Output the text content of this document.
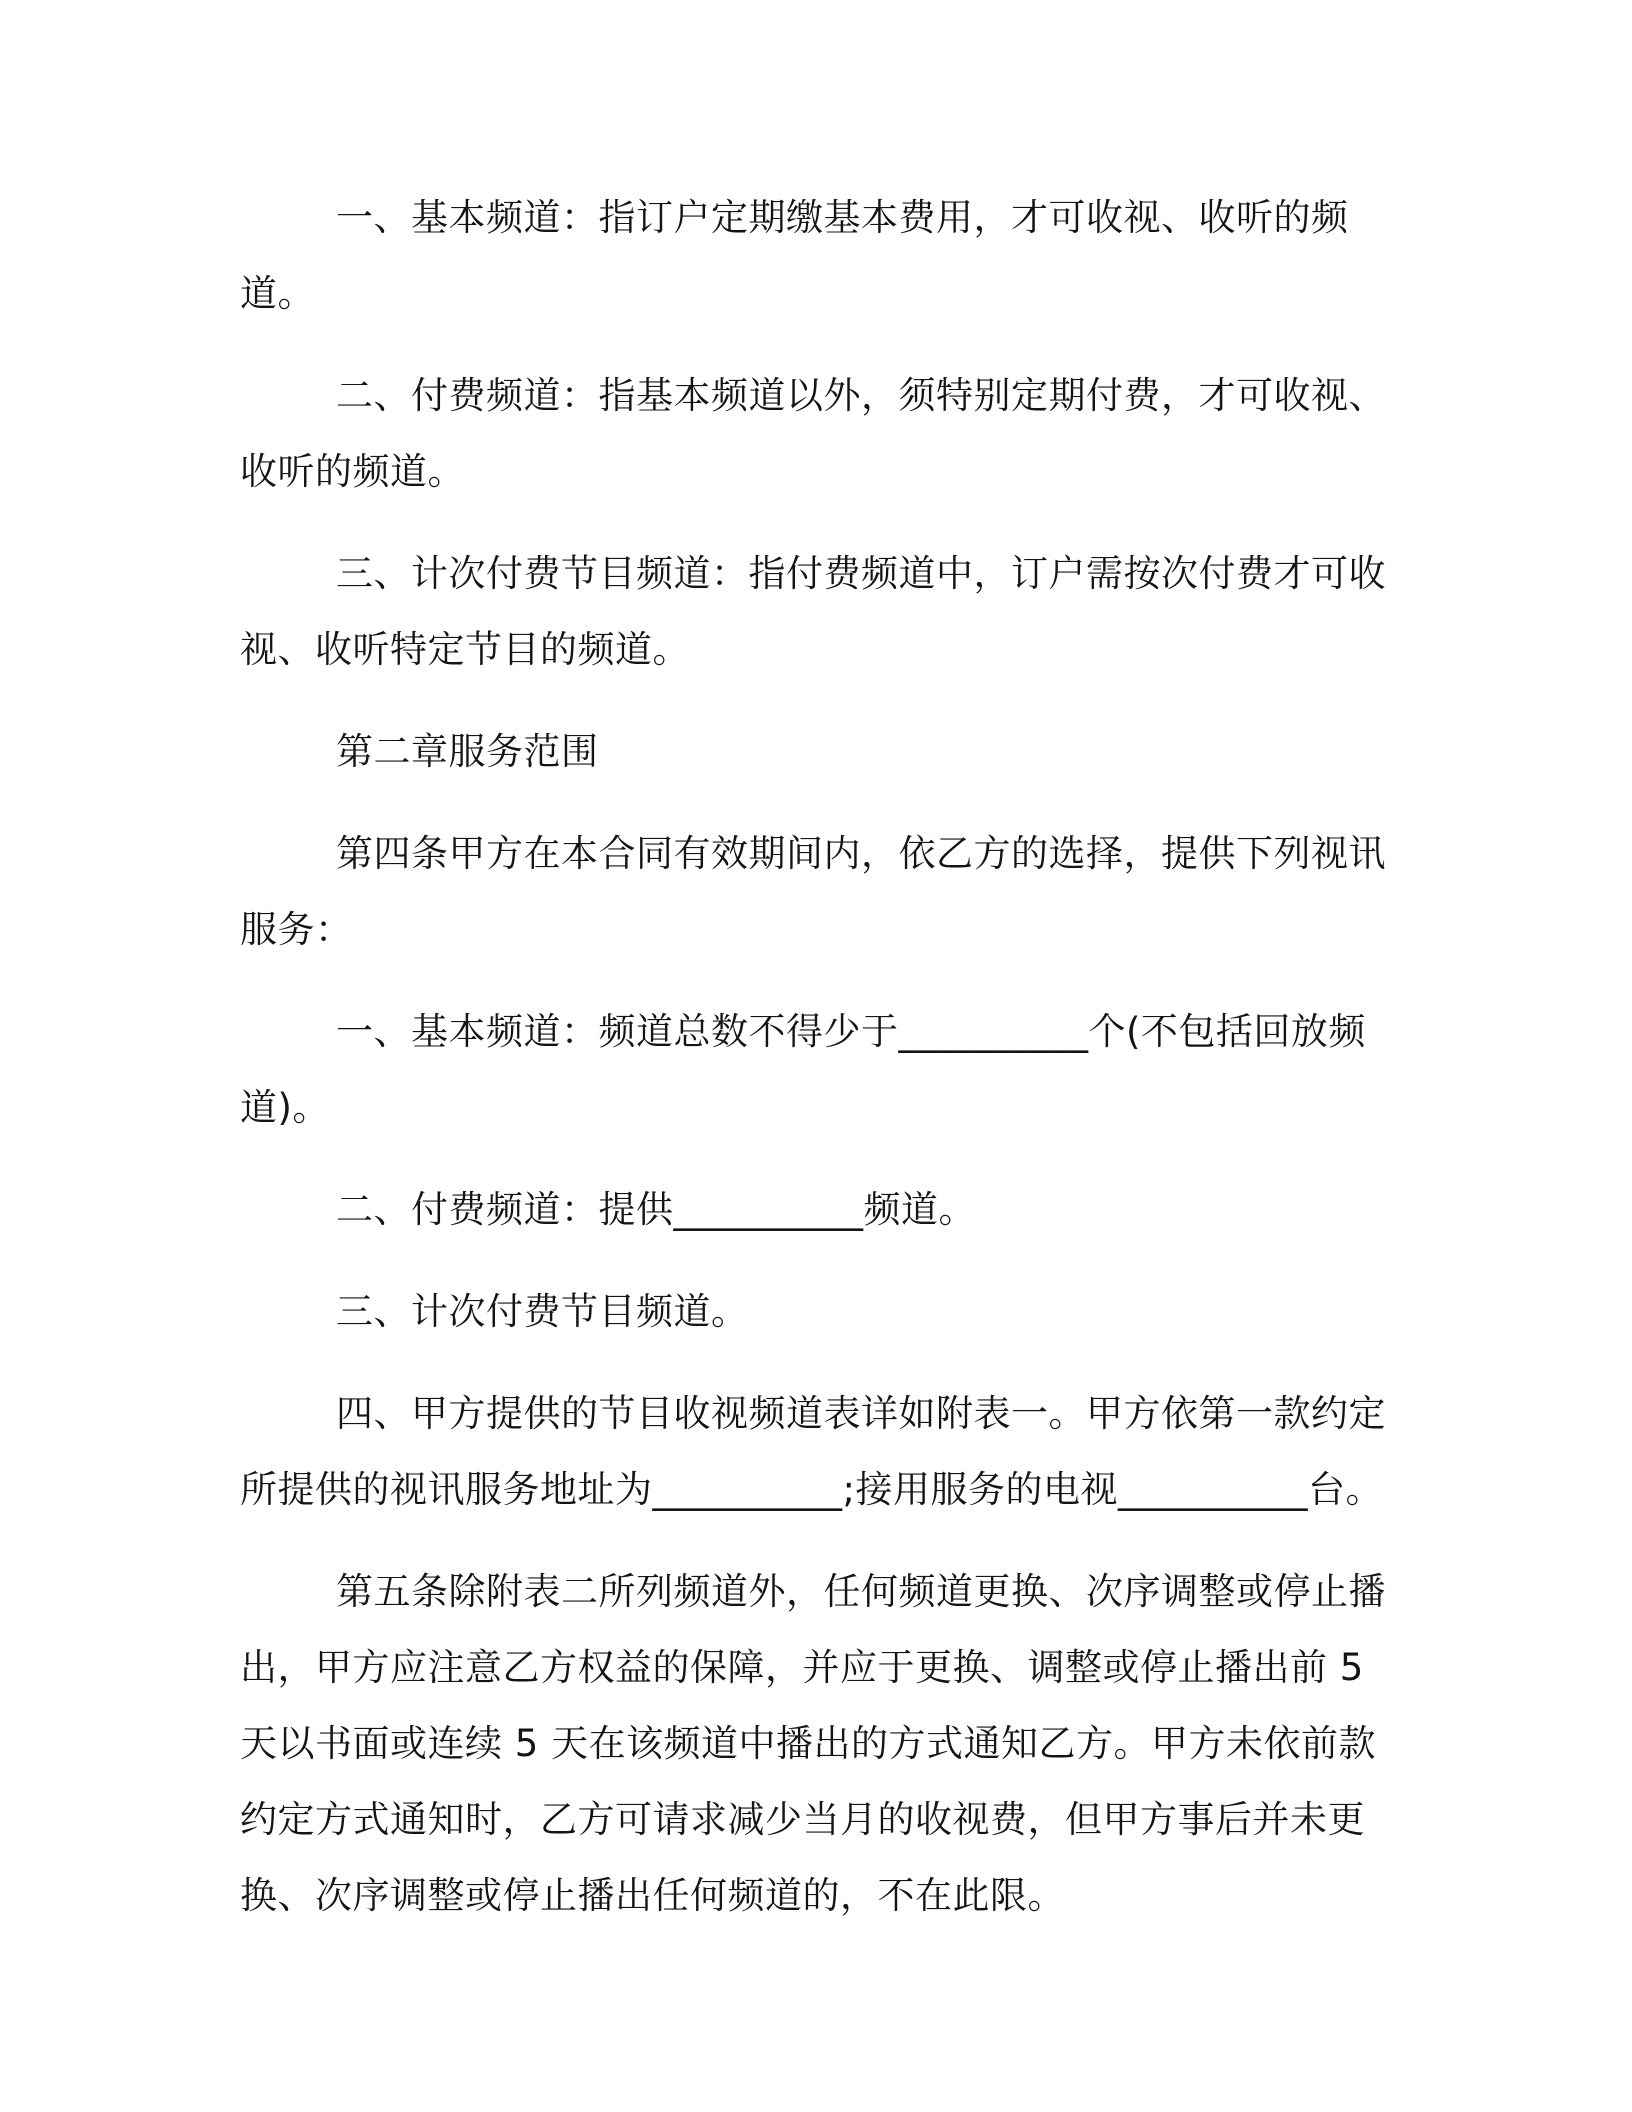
一、基本频道：指订户定期缴基本费用，才可收视、收听的频道。

二、付费频道：指基本频道以外，须特别定期付费，才可收视、收听的频道。

三、计次付费节目频道：指付费频道中，订户需按次付费才可收视、收听特定节目的频道。

第二章服务范围

第四条甲方在本合同有效期间内，依乙方的选择，提供下列视讯服务：

一、基本频道：频道总数不得少于__________个(不包括回放频道)。

二、付费频道：提供__________频道。

三、计次付费节目频道。

四、甲方提供的节目收视频道表详如附表一。甲方依第一款约定所提供的视讯服务地址为__________;接用服务的电视__________台。

第五条除附表二所列频道外，任何频道更换、次序调整或停止播出，甲方应注意乙方权益的保障，并应于更换、调整或停止播出前 5 天以书面或连续 5 天在该频道中播出的方式通知乙方。甲方未依前款约定方式通知时，乙方可请求减少当月的收视费，但甲方事后并未更换、次序调整或停止播出任何频道的，不在此限。
